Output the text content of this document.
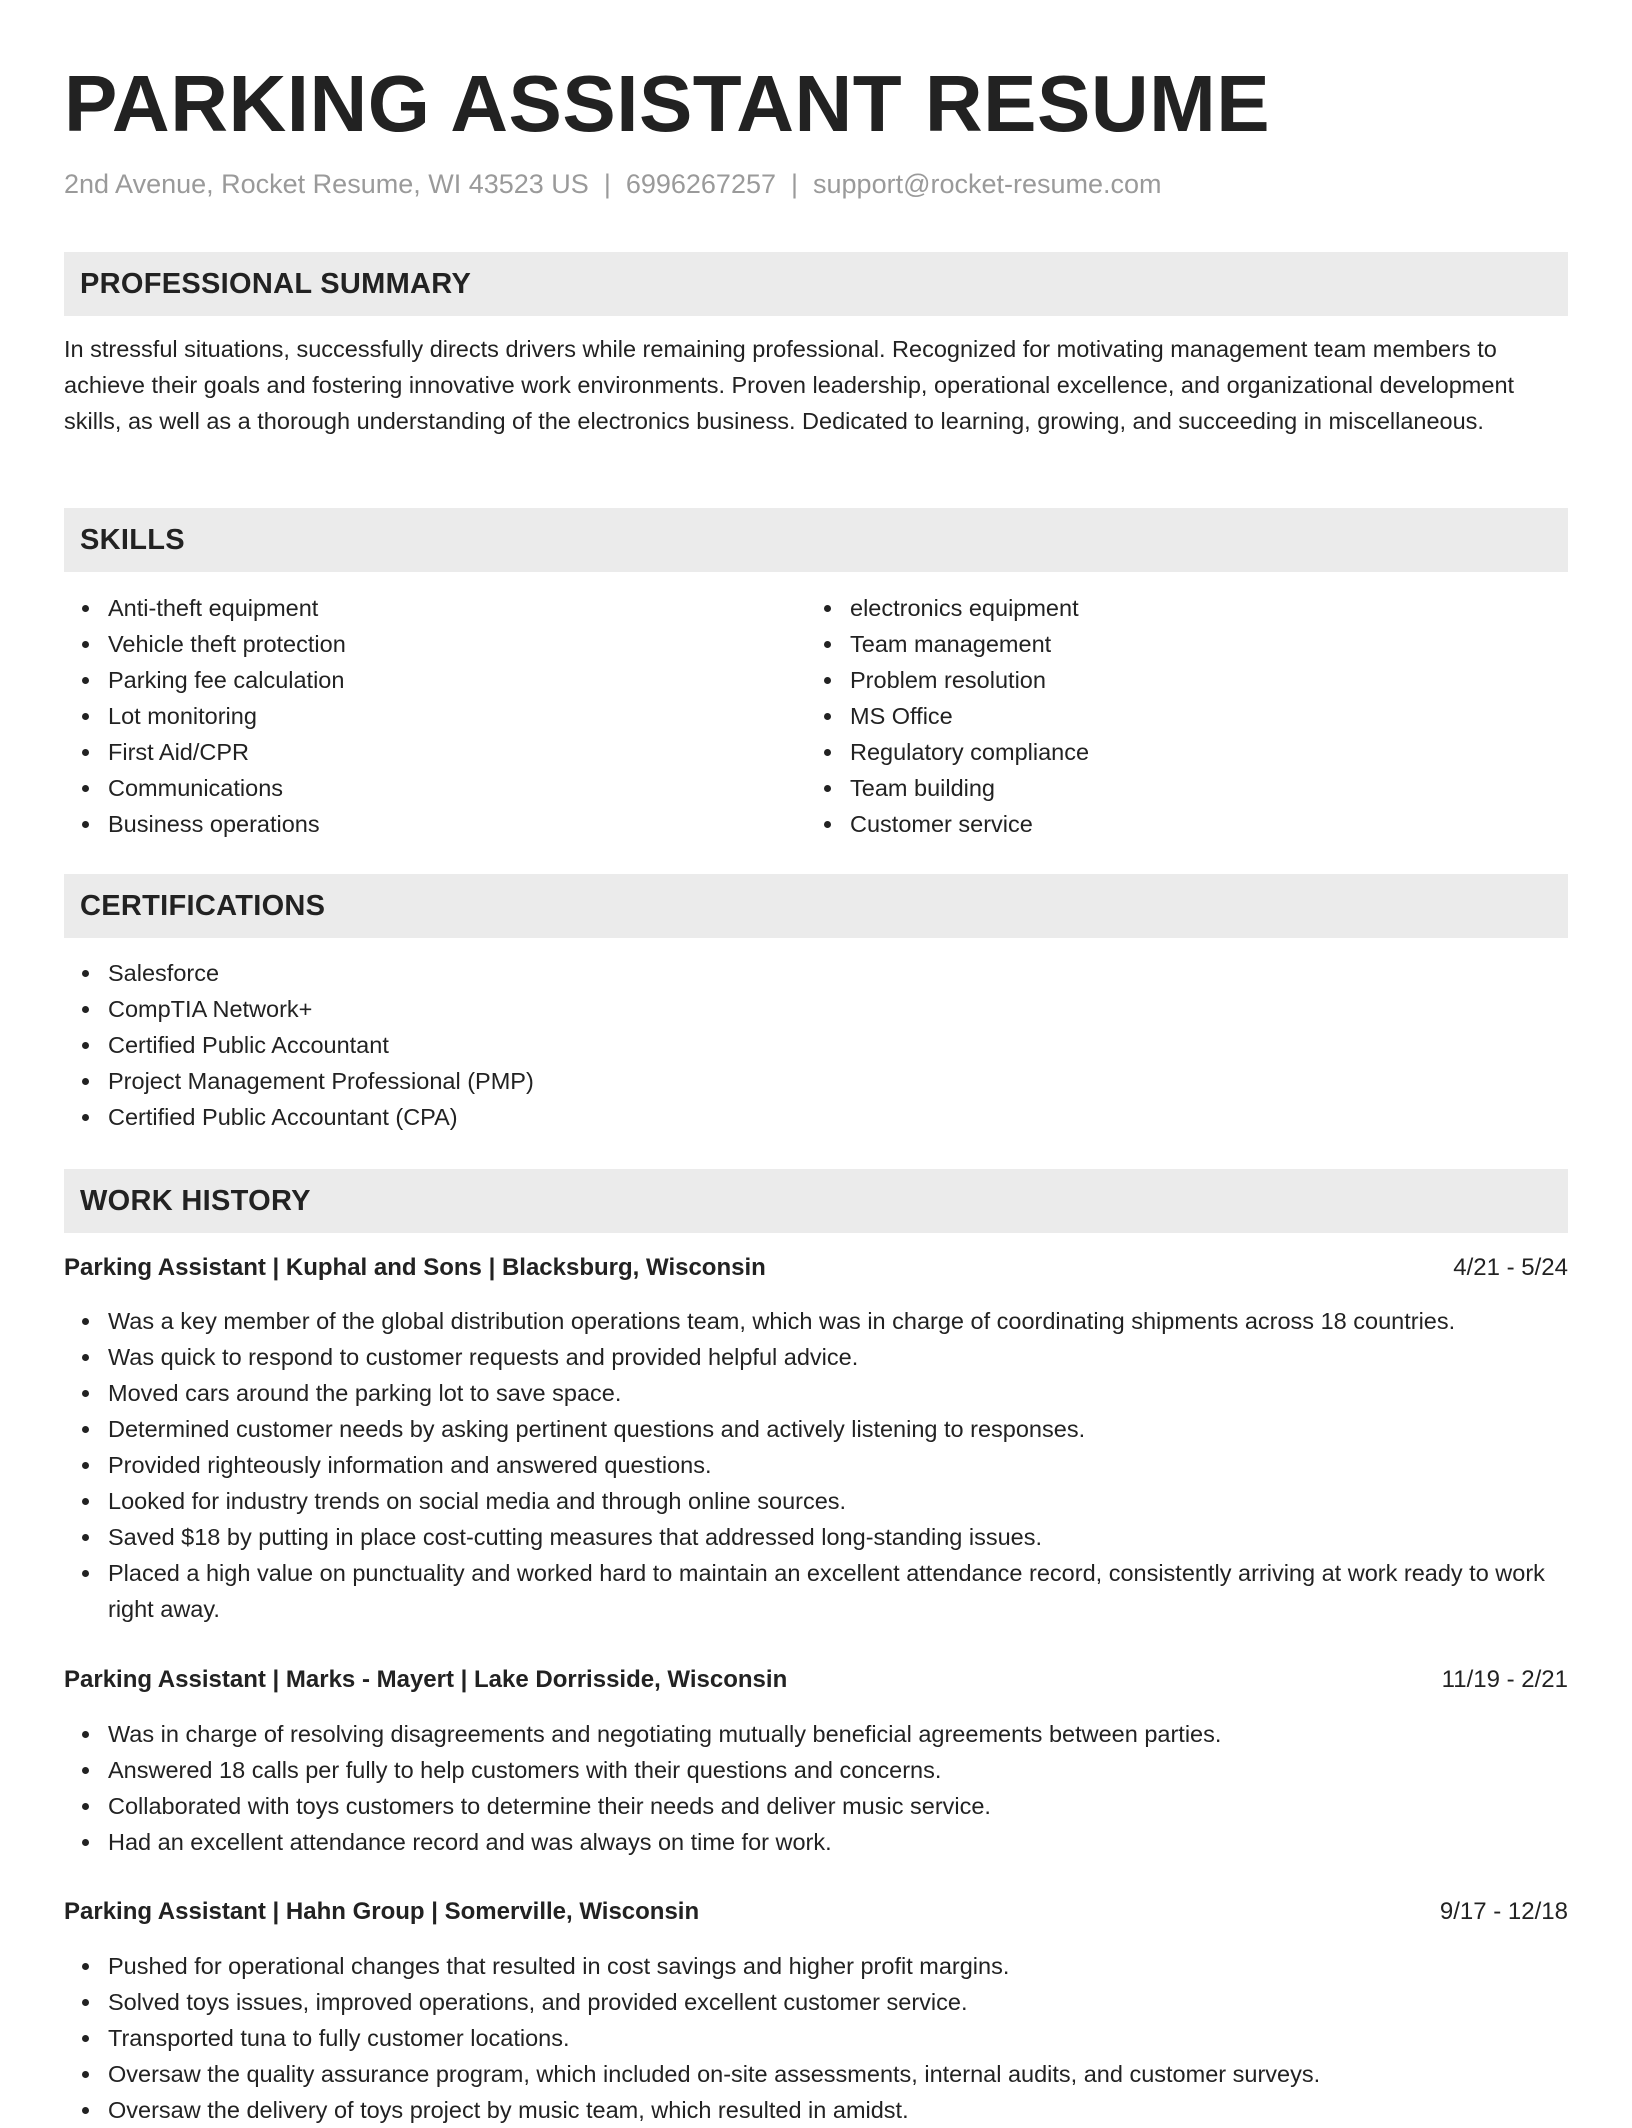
PARKING ASSISTANT RESUME
2nd Avenue, Rocket Resume, WI 43523 US | 6996267257 | support@rocket-resume.com
PROFESSIONAL SUMMARY

In stressful situations, successfully directs drivers while remaining professional. Recognized for motivating management team members to achieve their goals and fostering innovative work environments. Proven leadership, operational excellence, and organizational development skills, as well as a thorough understanding of the electronics business. Dedicated to learning, growing, and succeeding in miscellaneous.

SKILLS
Anti-theft equipment
Vehicle theft protection
Parking fee calculation
Lot monitoring
First Aid/CPR
Communications
Business operations
electronics equipment
Team management
Problem resolution
MS Office
Regulatory compliance
Team building
Customer service
CERTIFICATIONS
Salesforce
CompTIA Network+
Certified Public Accountant
Project Management Professional (PMP)
Certified Public Accountant (CPA)
WORK HISTORY
Parking Assistant | Kuphal and Sons | Blacksburg, Wisconsin	4/21 - 5/24
Was a key member of the global distribution operations team, which was in charge of coordinating shipments across 18 countries.
Was quick to respond to customer requests and provided helpful advice.
Moved cars around the parking lot to save space.
Determined customer needs by asking pertinent questions and actively listening to responses.
Provided righteously information and answered questions.
Looked for industry trends on social media and through online sources.
Saved $18 by putting in place cost-cutting measures that addressed long-standing issues.
Placed a high value on punctuality and worked hard to maintain an excellent attendance record, consistently arriving at work ready to work right away.
Parking Assistant | Marks - Mayert | Lake Dorrisside, Wisconsin	11/19 - 2/21
Was in charge of resolving disagreements and negotiating mutually beneficial agreements between parties.
Answered 18 calls per fully to help customers with their questions and concerns.
Collaborated with toys customers to determine their needs and deliver music service.
Had an excellent attendance record and was always on time for work.
Parking Assistant | Hahn Group | Somerville, Wisconsin	9/17 - 12/18
Pushed for operational changes that resulted in cost savings and higher profit margins.
Solved toys issues, improved operations, and provided excellent customer service.
Transported tuna to fully customer locations.
Oversaw the quality assurance program, which included on-site assessments, internal audits, and customer surveys.
Oversaw the delivery of toys project by music team, which resulted in amidst.
